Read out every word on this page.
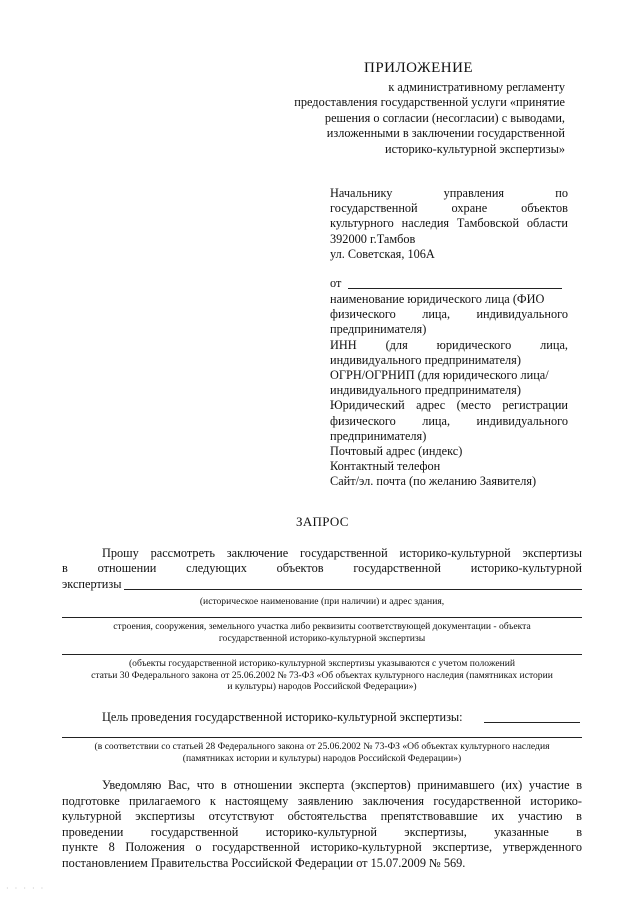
ПРИЛОЖЕНИЕ
к административному регламенту
предоставления государственной услуги «принятие
решения о согласии (несогласии) с выводами,
изложенными в заключении государственной
историко-культурной экспертизы»
Начальнику управления по
государственной охране объектов
культурного наследия Тамбовской области
392000 г.Тамбов
ул. Советская, 106А
от
наименование юридического лица (ФИО
физического лица, индивидуального
предпринимателя)
ИНН (для юридического лица,
индивидуального предпринимателя)
ОГРН/ОГРНИП (для юридического лица/
индивидуального предпринимателя)
Юридический адрес (место регистрации
физического лица, индивидуального
предпринимателя)
Почтовый адрес (индекс)
Контактный телефон
Сайт/эл. почта (по желанию Заявителя)
ЗАПРОС
Прошу рассмотреть заключение государственной историко-культурной экспертизы
в отношении следующих объектов государственной историко-культурной
экспертизы
(историческое наименование (при наличии) и адрес здания,
строения, сооружения, земельного участка либо реквизиты соответствующей документации - объекта
государственной историко-культурной экспертизы
(объекты государственной историко-культурной экспертизы указываются с учетом положений
статьи 30 Федерального закона от 25.06.2002 № 73-ФЗ «Об объектах культурного наследия (памятниках истории
и культуры) народов Российской Федерации»)
Цель проведения государственной историко-культурной экспертизы:
(в соответствии со статьей 28 Федерального закона от 25.06.2002 № 73-ФЗ «Об объектах культурного наследия
(памятниках истории и культуры) народов Российской Федерации»)
Уведомляю Вас, что в отношении эксперта (экспертов) принимавшего (их) участие в
подготовке прилагаемого к настоящему заявлению заключения государственной историко-
культурной экспертизы отсутствуют обстоятельства препятствовавшие их участию в
проведении государственной историко-культурной экспертизы, указанные в
пункте 8 Положения о государственной историко-культурной экспертизе, утвержденного
постановлением Правительства Российской Федерации от 15.07.2009 № 569.
· · · · ·
